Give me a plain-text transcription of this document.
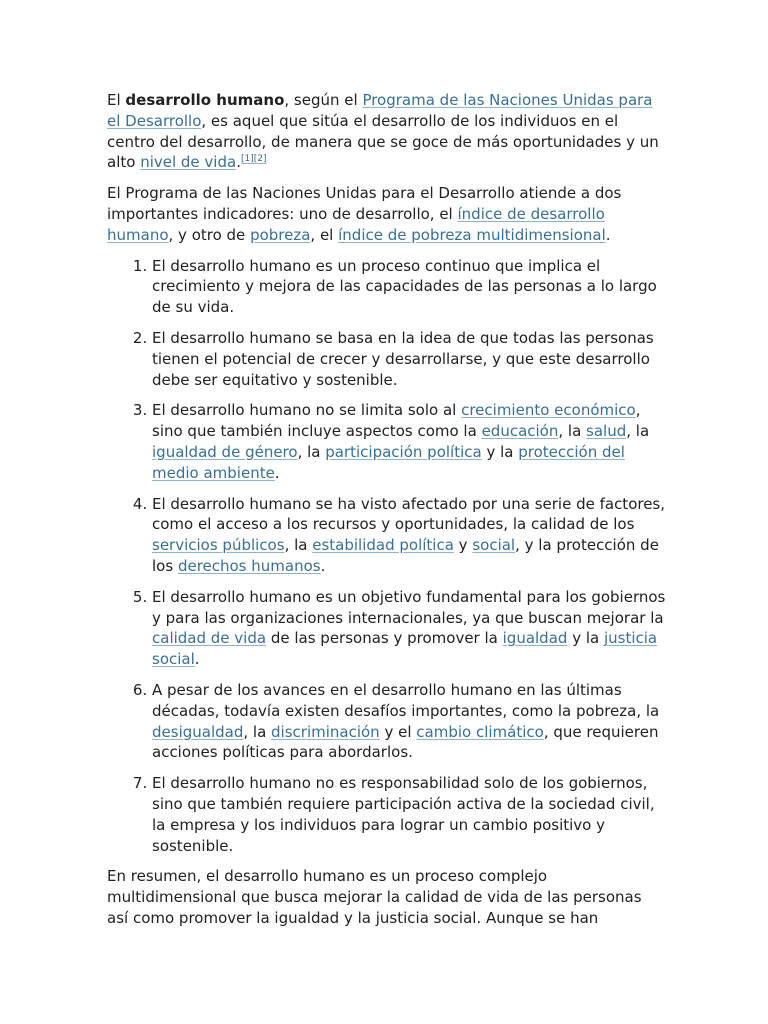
El desarrollo humano, según el Programa de las Naciones Unidas para el Desarrollo, es aquel que sitúa el desarrollo de los individuos en el centro del desarrollo, de manera que se goce de más oportunidades y un alto nivel de vida.[1][2]

El Programa de las Naciones Unidas para el Desarrollo atiende a dos importantes indicadores: uno de desarrollo, el índice de desarrollo humano, y otro de pobreza, el índice de pobreza multidimensional.

1. El desarrollo humano es un proceso continuo que implica el crecimiento y mejora de las capacidades de las personas a lo largo de su vida.
2. El desarrollo humano se basa en la idea de que todas las personas tienen el potencial de crecer y desarrollarse, y que este desarrollo debe ser equitativo y sostenible.
3. El desarrollo humano no se limita solo al crecimiento económico, sino que también incluye aspectos como la educación, la salud, la igualdad de género, la participación política y la protección del medio ambiente.
4. El desarrollo humano se ha visto afectado por una serie de factores, como el acceso a los recursos y oportunidades, la calidad de los servicios públicos, la estabilidad política y social, y la protección de los derechos humanos.
5. El desarrollo humano es un objetivo fundamental para los gobiernos y para las organizaciones internacionales, ya que buscan mejorar la calidad de vida de las personas y promover la igualdad y la justicia social.
6. A pesar de los avances en el desarrollo humano en las últimas décadas, todavía existen desafíos importantes, como la pobreza, la desigualdad, la discriminación y el cambio climático, que requieren acciones políticas para abordarlos.
7. El desarrollo humano no es responsabilidad solo de los gobiernos, sino que también requiere participación activa de la sociedad civil, la empresa y los individuos para lograr un cambio positivo y sostenible.

En resumen, el desarrollo humano es un proceso complejo multidimensional que busca mejorar la calidad de vida de las personas así como promover la igualdad y la justicia social. Aunque se han
